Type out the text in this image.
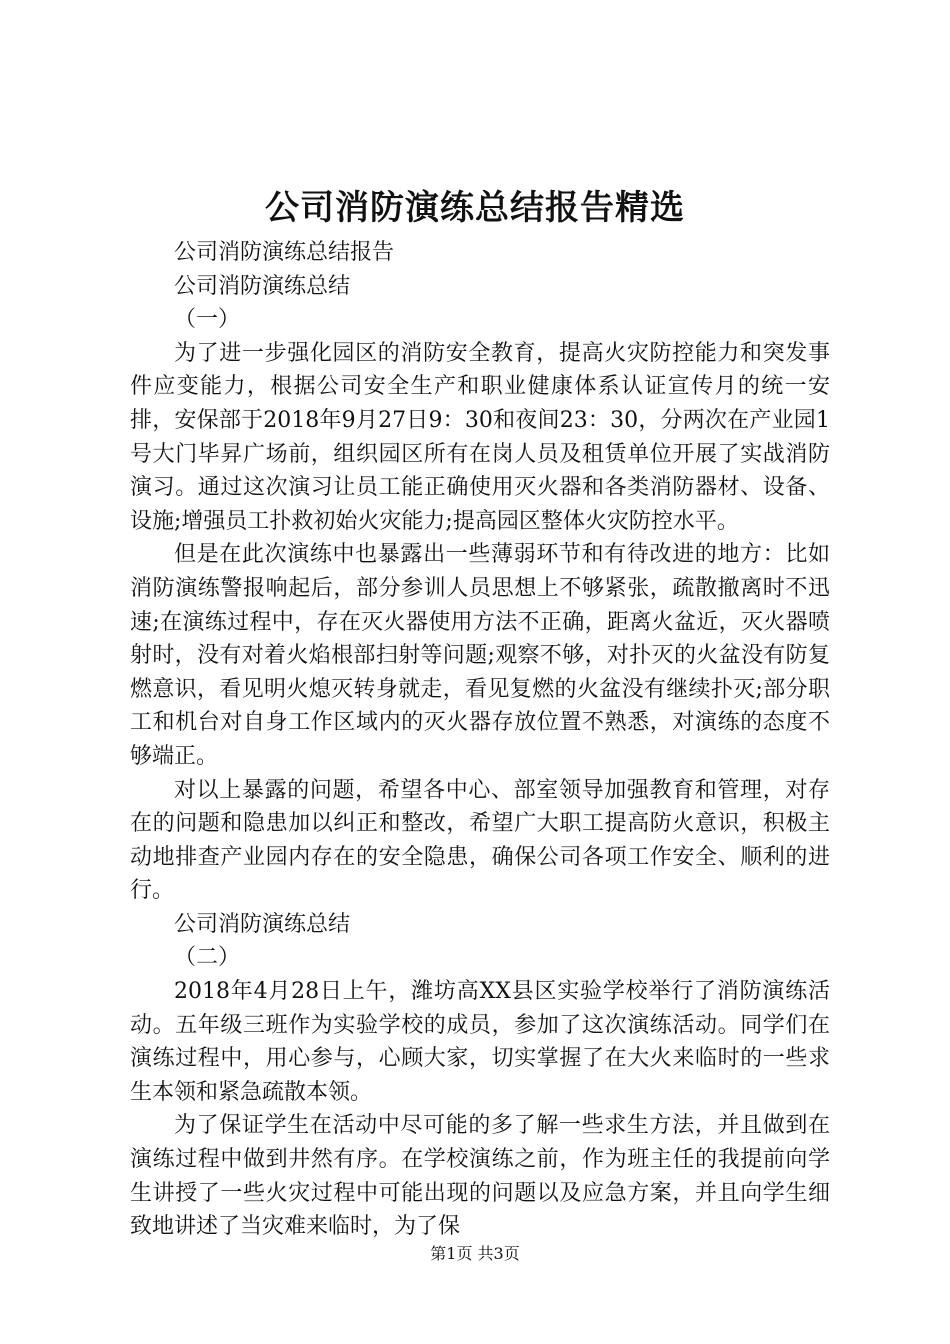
公司消防演练总结报告精选

公司消防演练总结报告

公司消防演练总结

（一）

为了进一步强化园区的消防安全教育，提高火灾防控能力和突发事件应变能力，根据公司安全生产和职业健康体系认证宣传月的统一安排，安保部于2018年9月27日9：30和夜间23：30，分两次在产业园1号大门毕昇广场前，组织园区所有在岗人员及租赁单位开展了实战消防演习。通过这次演习让员工能正确使用灭火器和各类消防器材、设备、设施;增强员工扑救初始火灾能力;提高园区整体火灾防控水平。

但是在此次演练中也暴露出一些薄弱环节和有待改进的地方：比如消防演练警报响起后，部分参训人员思想上不够紧张，疏散撤离时不迅速;在演练过程中，存在灭火器使用方法不正确，距离火盆近，灭火器喷射时，没有对着火焰根部扫射等问题;观察不够，对扑灭的火盆没有防复燃意识，看见明火熄灭转身就走，看见复燃的火盆没有继续扑灭;部分职工和机台对自身工作区域内的灭火器存放位置不熟悉，对演练的态度不够端正。

对以上暴露的问题，希望各中心、部室领导加强教育和管理，对存在的问题和隐患加以纠正和整改，希望广大职工提高防火意识，积极主动地排查产业园内存在的安全隐患，确保公司各项工作安全、顺利的进行。

公司消防演练总结

（二）

2018年4月28日上午，潍坊高XX县区实验学校举行了消防演练活动。五年级三班作为实验学校的成员，参加了这次演练活动。同学们在演练过程中，用心参与，心顾大家，切实掌握了在大火来临时的一些求生本领和紧急疏散本领。

为了保证学生在活动中尽可能的多了解一些求生方法，并且做到在演练过程中做到井然有序。在学校演练之前，作为班主任的我提前向学生讲授了一些火灾过程中可能出现的问题以及应急方案，并且向学生细致地讲述了当灾难来临时，为了保

第1页 共3页
